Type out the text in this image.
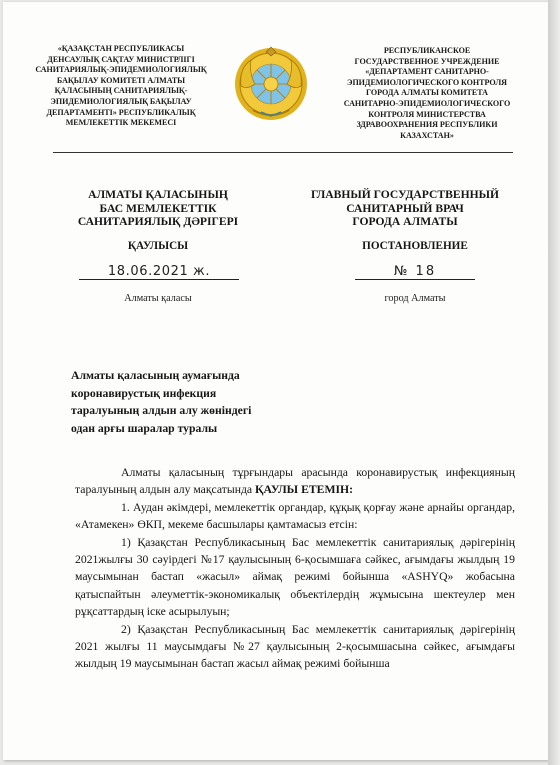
«ҚАЗАҚСТАН РЕСПУБЛИКАСЫ
ДЕНСАУЛЫҚ САҚТАУ МИНИСТРЛІГІ
САНИТАРИЯЛЫҚ-ЭПИДЕМИОЛОГИЯЛЫҚ
БАҚЫЛАУ КОМИТЕТІ АЛМАТЫ
ҚАЛАСЫНЫҢ САНИТАРИЯЛЫҚ-
ЭПИДЕМИОЛОГИЯЛЫҚ БАҚЫЛАУ
ДЕПАРТАМЕНТІ» РЕСПУБЛИКАЛЫҚ
МЕМЛЕКЕТТІК МЕКЕМЕСІ
РЕСПУБЛИКАНСКОЕ
ГОСУДАРСТВЕННОЕ УЧРЕЖДЕНИЕ
«ДЕПАРТАМЕНТ САНИТАРНО-
ЭПИДЕМИОЛОГИЧЕСКОГО КОНТРОЛЯ
ГОРОДА АЛМАТЫ КОМИТЕТА
САНИТАРНО-ЭПИДЕМИОЛОГИЧЕСКОГО
КОНТРОЛЯ МИНИСТЕРСТВА
ЗДРАВООХРАНЕНИЯ РЕСПУБЛИКИ
КАЗАХСТАН»
АЛМАТЫ ҚАЛАСЫНЫҢ
БАС МЕМЛЕКЕТТІК
САНИТАРИЯЛЫҚ ДӘРІГЕРІ
ГЛАВНЫЙ ГОСУДАРСТВЕННЫЙ
САНИТАРНЫЙ ВРАЧ
ГОРОДА АЛМАТЫ
ҚАУЛЫСЫ	ПОСТАНОВЛЕНИЕ
18.06.2021 ж.	№ 18
Алматы қаласы	город Алматы
Алматы қаласының аумағында
коронавирустық инфекция
таралуының алдын алу жөніндегі
одан арғы шаралар туралы

Алматы қаласының тұрғындары арасында коронавирустық инфекцияның таралуының алдын алу мақсатында ҚАУЛЫ ЕТЕМІН:

1. Аудан әкімдері, мемлекеттік органдар, құқық қорғау және арнайы органдар, «Атамекен» ӨКП, мекеме басшылары қамтамасыз етсін:

1) Қазақстан Республикасының Бас мемлекеттік санитариялық дәрігерінің 2021жылғы 30 сәуірдегі №17 қаулысының 6-қосымшаға сәйкес, ағымдағы жылдың 19 маусымынан бастап «жасыл» аймақ режимі бойынша «ASHYQ» жобасына қатыспайтын әлеуметтік-экономикалық объектілердің жұмысына шектеулер мен рұқсаттардың іске асырылуын;

2) Қазақстан Республикасының Бас мемлекеттік санитариялық дәрігерінің 2021 жылғы 11 маусымдағы №27 қаулысының 2-қосымшасына сәйкес, ағымдағы жылдың 19 маусымынан бастап жасыл аймақ режимі бойынша
